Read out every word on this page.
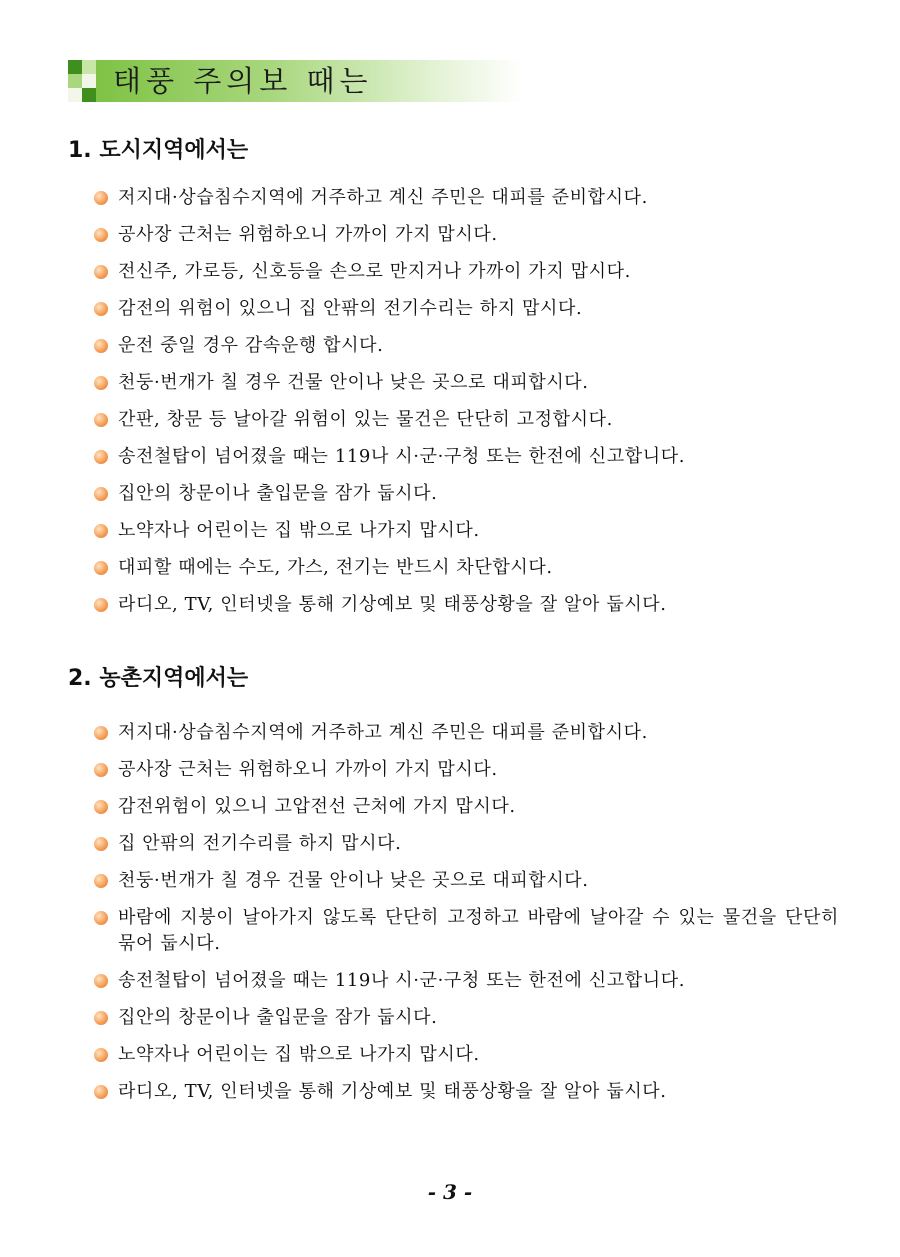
태풍 주의보 때는
1. 도시지역에서는
저지대·상습침수지역에 거주하고 계신 주민은 대피를 준비합시다.
공사장 근처는 위험하오니 가까이 가지 맙시다.
전신주, 가로등, 신호등을 손으로 만지거나 가까이 가지 맙시다.
감전의 위험이 있으니 집 안팎의 전기수리는 하지 맙시다.
운전 중일 경우 감속운행 합시다.
천둥·번개가 칠 경우 건물 안이나 낮은 곳으로 대피합시다.
간판, 창문 등 날아갈 위험이 있는 물건은 단단히 고정합시다.
송전철탑이 넘어졌을 때는 119나 시·군·구청 또는 한전에 신고합니다.
집안의 창문이나 출입문을 잠가 둡시다.
노약자나 어린이는 집 밖으로 나가지 맙시다.
대피할 때에는 수도, 가스, 전기는 반드시 차단합시다.
라디오, TV, 인터넷을 통해 기상예보 및 태풍상황을 잘 알아 둡시다.
2. 농촌지역에서는
저지대·상습침수지역에 거주하고 계신 주민은 대피를 준비합시다.
공사장 근처는 위험하오니 가까이 가지 맙시다.
감전위험이 있으니 고압전선 근처에 가지 맙시다.
집 안팎의 전기수리를 하지 맙시다.
천둥·번개가 칠 경우 건물 안이나 낮은 곳으로 대피합시다.
바람에 지붕이 날아가지 않도록 단단히 고정하고 바람에 날아갈 수 있는 물건을 단단히 묶어 둡시다.
송전철탑이 넘어졌을 때는 119나 시·군·구청 또는 한전에 신고합니다.
집안의 창문이나 출입문을 잠가 둡시다.
노약자나 어린이는 집 밖으로 나가지 맙시다.
라디오, TV, 인터넷을 통해 기상예보 및 태풍상황을 잘 알아 둡시다.
- 3 -
